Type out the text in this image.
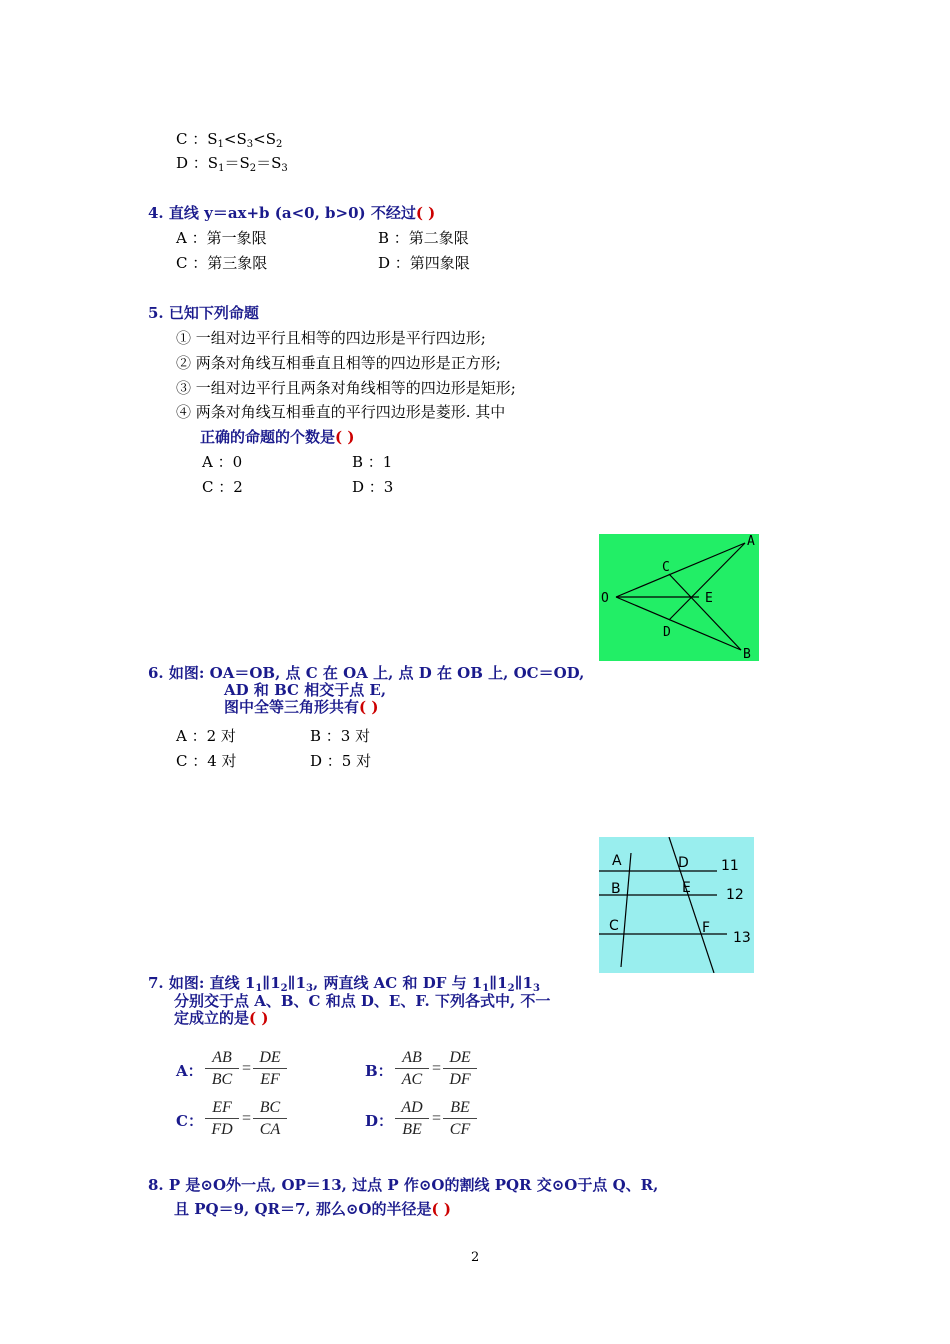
C ：$S_1<S_3<S_2$
D ：$S_1=S_2=S_3$
4. 直线 y＝ax+b (a<0, b>0) 不经过( )
A ：第一象限	B ：第二象限
C ：第三象限	D ：第四象限
5. 已知下列命题
① 一组对边平行且相等的四边形是平行四边形;
② 两条对角线互相垂直且相等的四边形是正方形;
③ 一组对边平行且两条对角线相等的四边形是矩形;
④ 两条对角线互相垂直的平行四边形是菱形. 其中
正确的命题的个数是( )
A ：0	B ：1
C ：2	D ：3
A
C
O	E
D
B
6. 如图: OA＝OB, 点 C 在 OA 上, 点 D 在 OB 上, OC＝OD,
AD 和 BC 相交于点 E,
图中全等三角形共有( )
A ：2 对	B ：3 对
C ：4 对	D ：5 对
A	D 11
B	E	12
C	F
13
7. 如图: 直线 $1_1\parallel 1_2\parallel 1_3$, 两直线 AC 和 DF 与 $1_1\parallel 1_2\parallel 1_3$
分别交于点 A、B、C 和点 D、E、F. 下列各式中, 不一
定成立的是( )
A： $\frac{AB}{BC} = \frac{DE}{EF}$	B： $\frac{AB}{AC} = \frac{DE}{DF}$
C： $\frac{EF}{FD} = \frac{BC}{CA}$	D： $\frac{AD}{BE} = \frac{BE}{CF}$
8. P 是⊙O外一点, OP＝13, 过点 P 作⊙O的割线 PQR 交⊙O于点 Q、R,
且 PQ＝9, QR＝7, 那么⊙O的半径是( )
2
